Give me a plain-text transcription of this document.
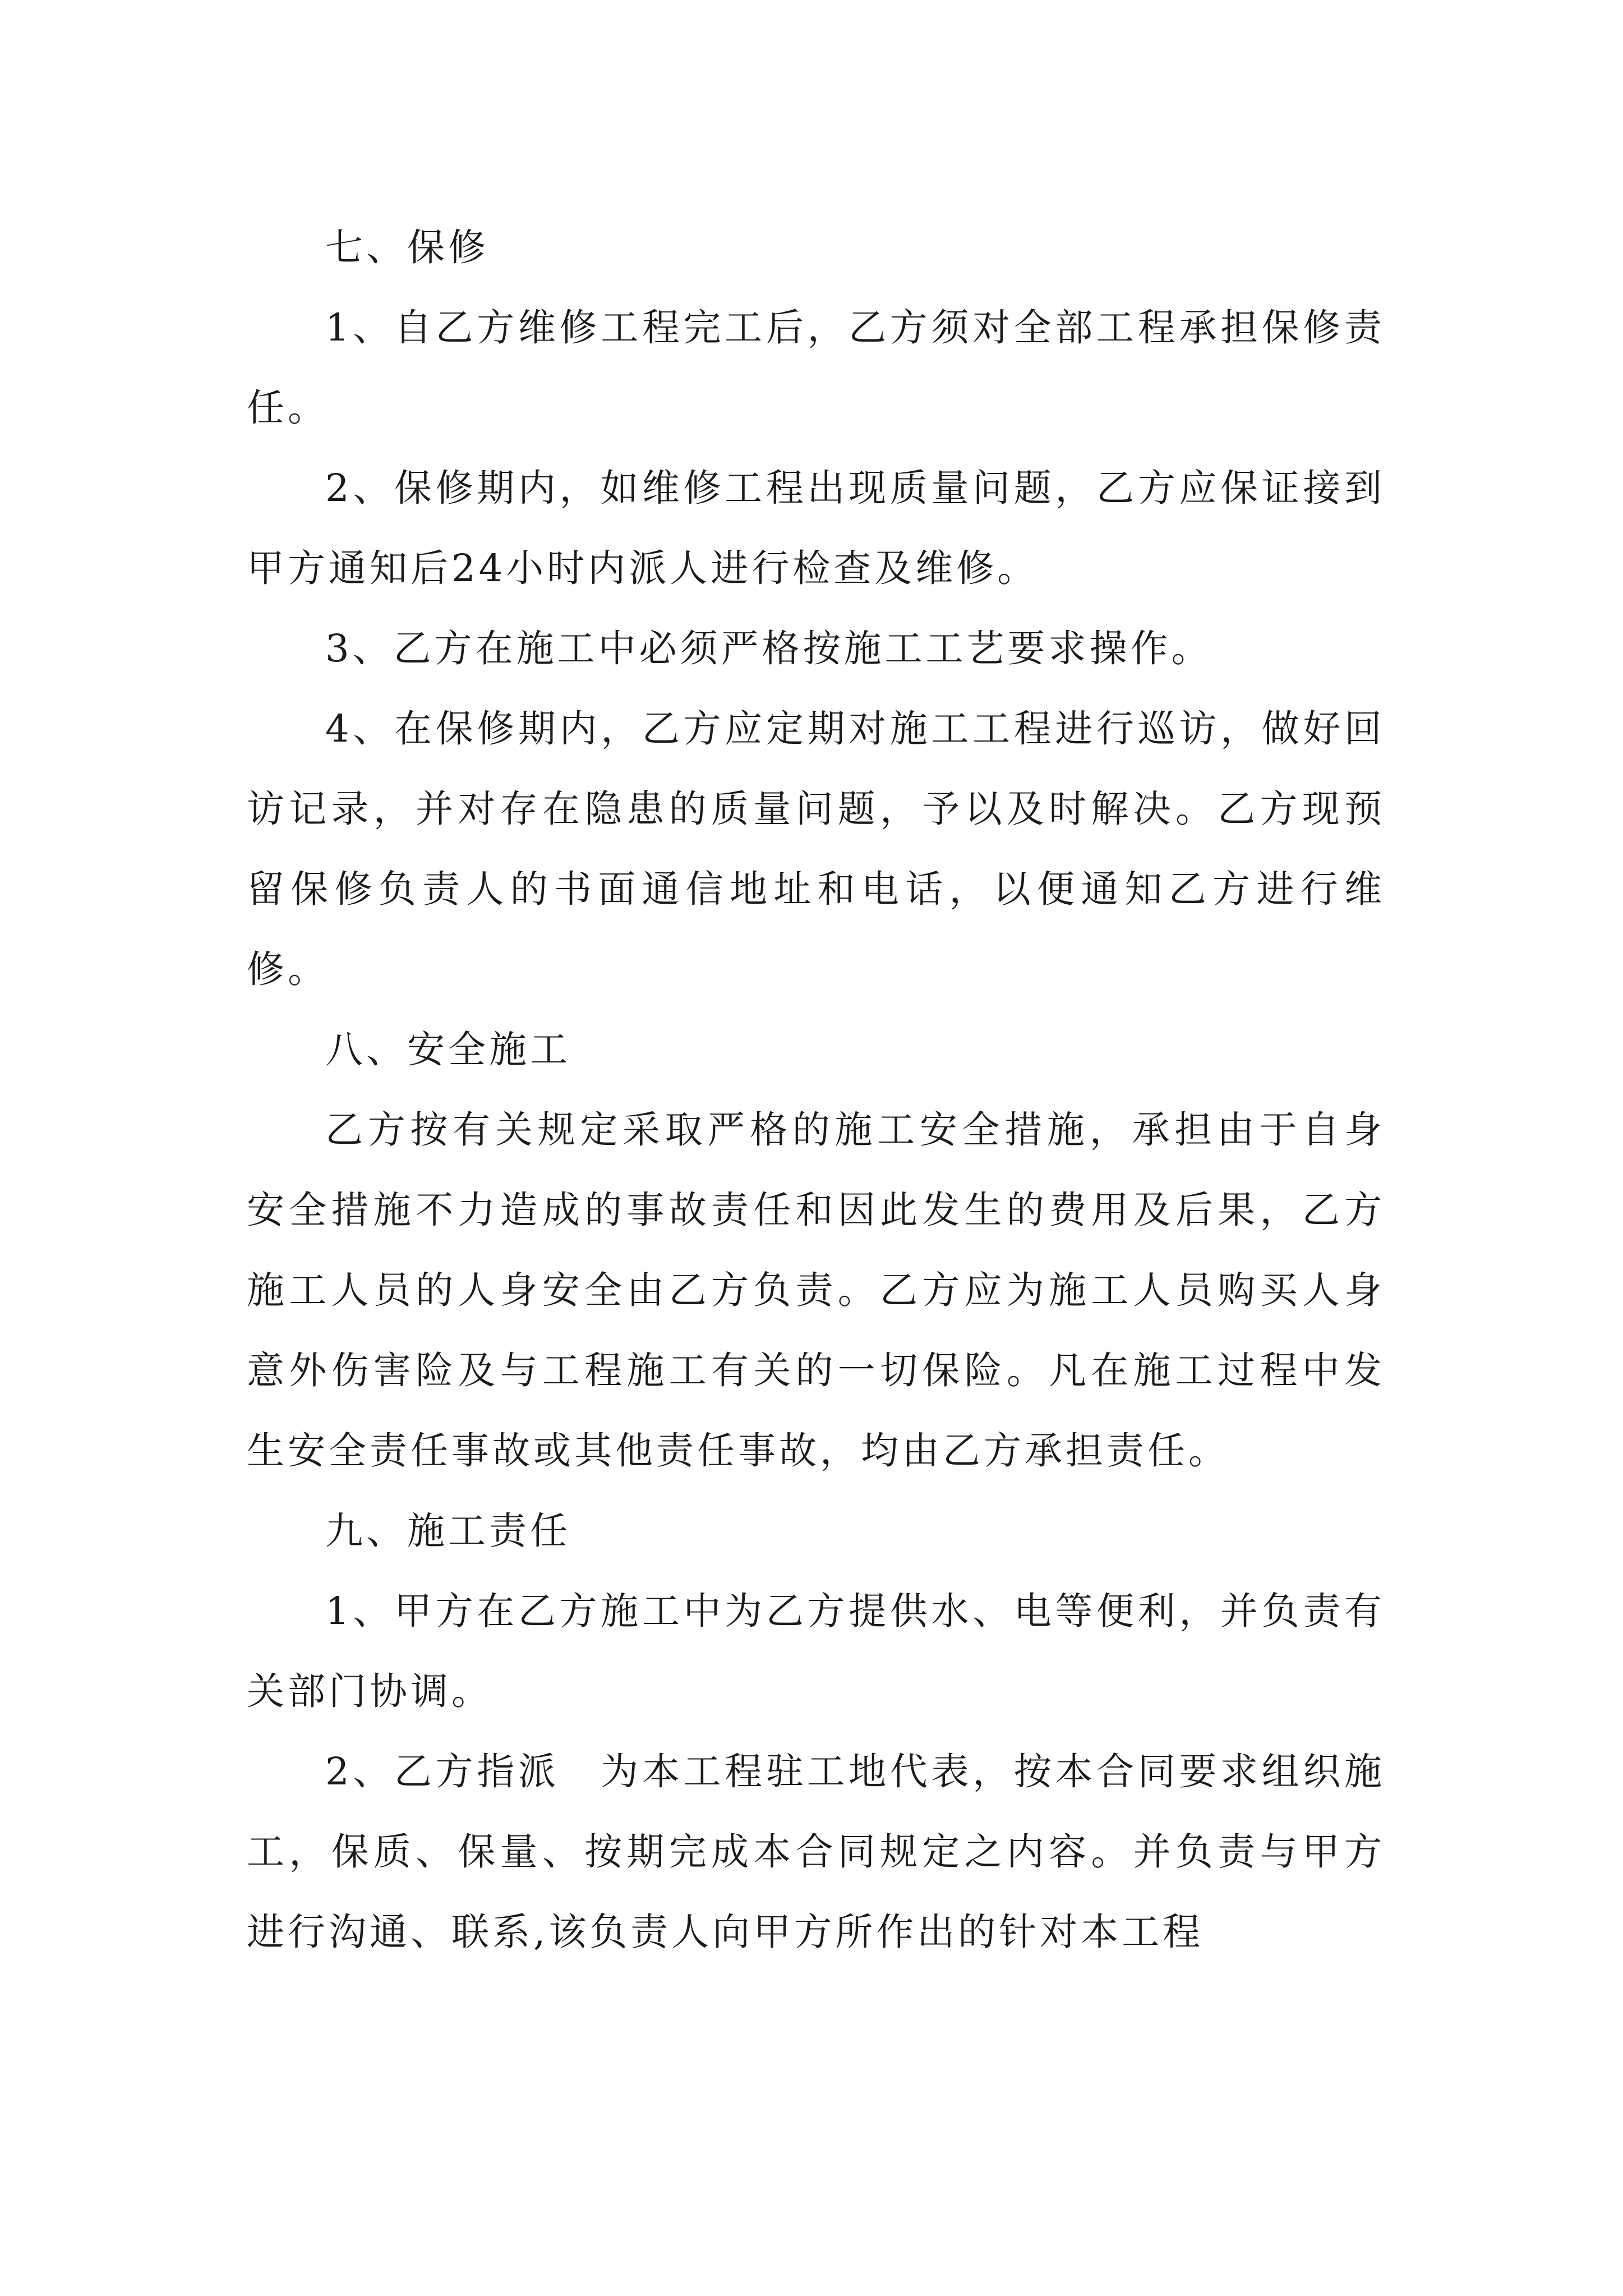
七、保修

1、自乙方维修工程完工后，乙方须对全部工程承担保修责任。

2、保修期内，如维修工程出现质量问题，乙方应保证接到甲方通知后24小时内派人进行检查及维修。

3、乙方在施工中必须严格按施工工艺要求操作。

4、在保修期内，乙方应定期对施工工程进行巡访，做好回访记录，并对存在隐患的质量问题，予以及时解决。乙方现预留保修负责人的书面通信地址和电话，以便通知乙方进行维修。

八、安全施工

乙方按有关规定采取严格的施工安全措施，承担由于自身安全措施不力造成的事故责任和因此发生的费用及后果，乙方施工人员的人身安全由乙方负责。乙方应为施工人员购买人身意外伤害险及与工程施工有关的一切保险。凡在施工过程中发生安全责任事故或其他责任事故，均由乙方承担责任。

九、施工责任

1、甲方在乙方施工中为乙方提供水、电等便利，并负责有关部门协调。

2、乙方指派　为本工程驻工地代表，按本合同要求组织施工，保质、保量、按期完成本合同规定之内容。并负责与甲方进行沟通、联系,该负责人向甲方所作出的针对本工程
